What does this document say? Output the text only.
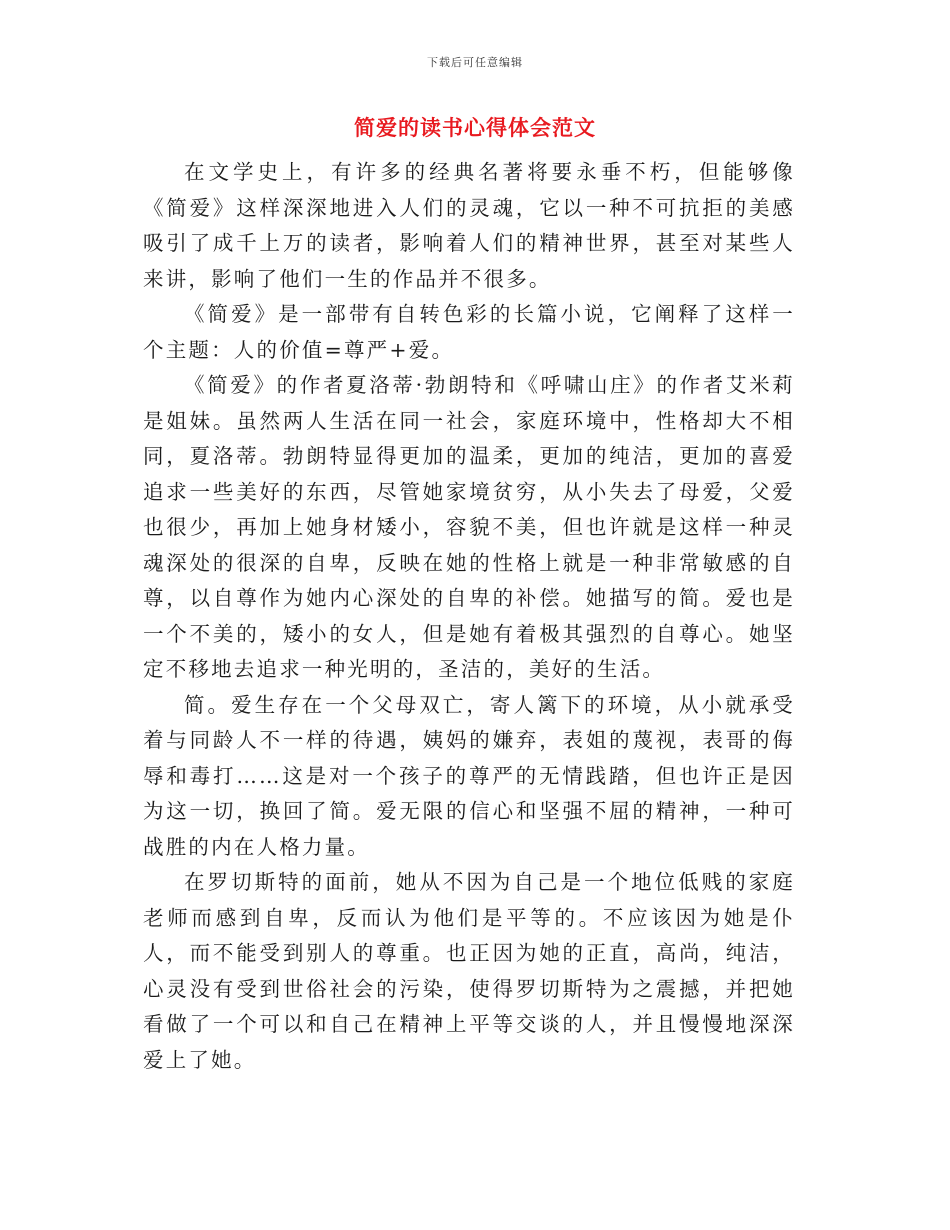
下载后可任意编辑
简爱的读书心得体会范文

在文学史上，有许多的经典名著将要永垂不朽，但能够像《简爱》这样深深地进入人们的灵魂，它以一种不可抗拒的美感吸引了成千上万的读者，影响着人们的精神世界，甚至对某些人来讲，影响了他们一生的作品并不很多。

《简爱》是一部带有自转色彩的长篇小说，它阐释了这样一个主题：人的价值=尊严+爱。

《简爱》的作者夏洛蒂·勃朗特和《呼啸山庄》的作者艾米莉是姐妹。虽然两人生活在同一社会，家庭环境中，性格却大不相同，夏洛蒂。勃朗特显得更加的温柔，更加的纯洁，更加的喜爱追求一些美好的东西，尽管她家境贫穷，从小失去了母爱，父爱也很少，再加上她身材矮小，容貌不美，但也许就是这样一种灵魂深处的很深的自卑，反映在她的性格上就是一种非常敏感的自尊，以自尊作为她内心深处的自卑的补偿。她描写的简。爱也是一个不美的，矮小的女人，但是她有着极其强烈的自尊心。她坚定不移地去追求一种光明的，圣洁的，美好的生活。

简。爱生存在一个父母双亡，寄人篱下的环境，从小就承受着与同龄人不一样的待遇，姨妈的嫌弃，表姐的蔑视，表哥的侮辱和毒打……这是对一个孩子的尊严的无情践踏，但也许正是因为这一切，换回了简。爱无限的信心和坚强不屈的精神，一种可战胜的内在人格力量。

在罗切斯特的面前，她从不因为自己是一个地位低贱的家庭老师而感到自卑，反而认为他们是平等的。不应该因为她是仆人，而不能受到别人的尊重。也正因为她的正直，高尚，纯洁，心灵没有受到世俗社会的污染，使得罗切斯特为之震撼，并把她看做了一个可以和自己在精神上平等交谈的人，并且慢慢地深深爱上了她。
